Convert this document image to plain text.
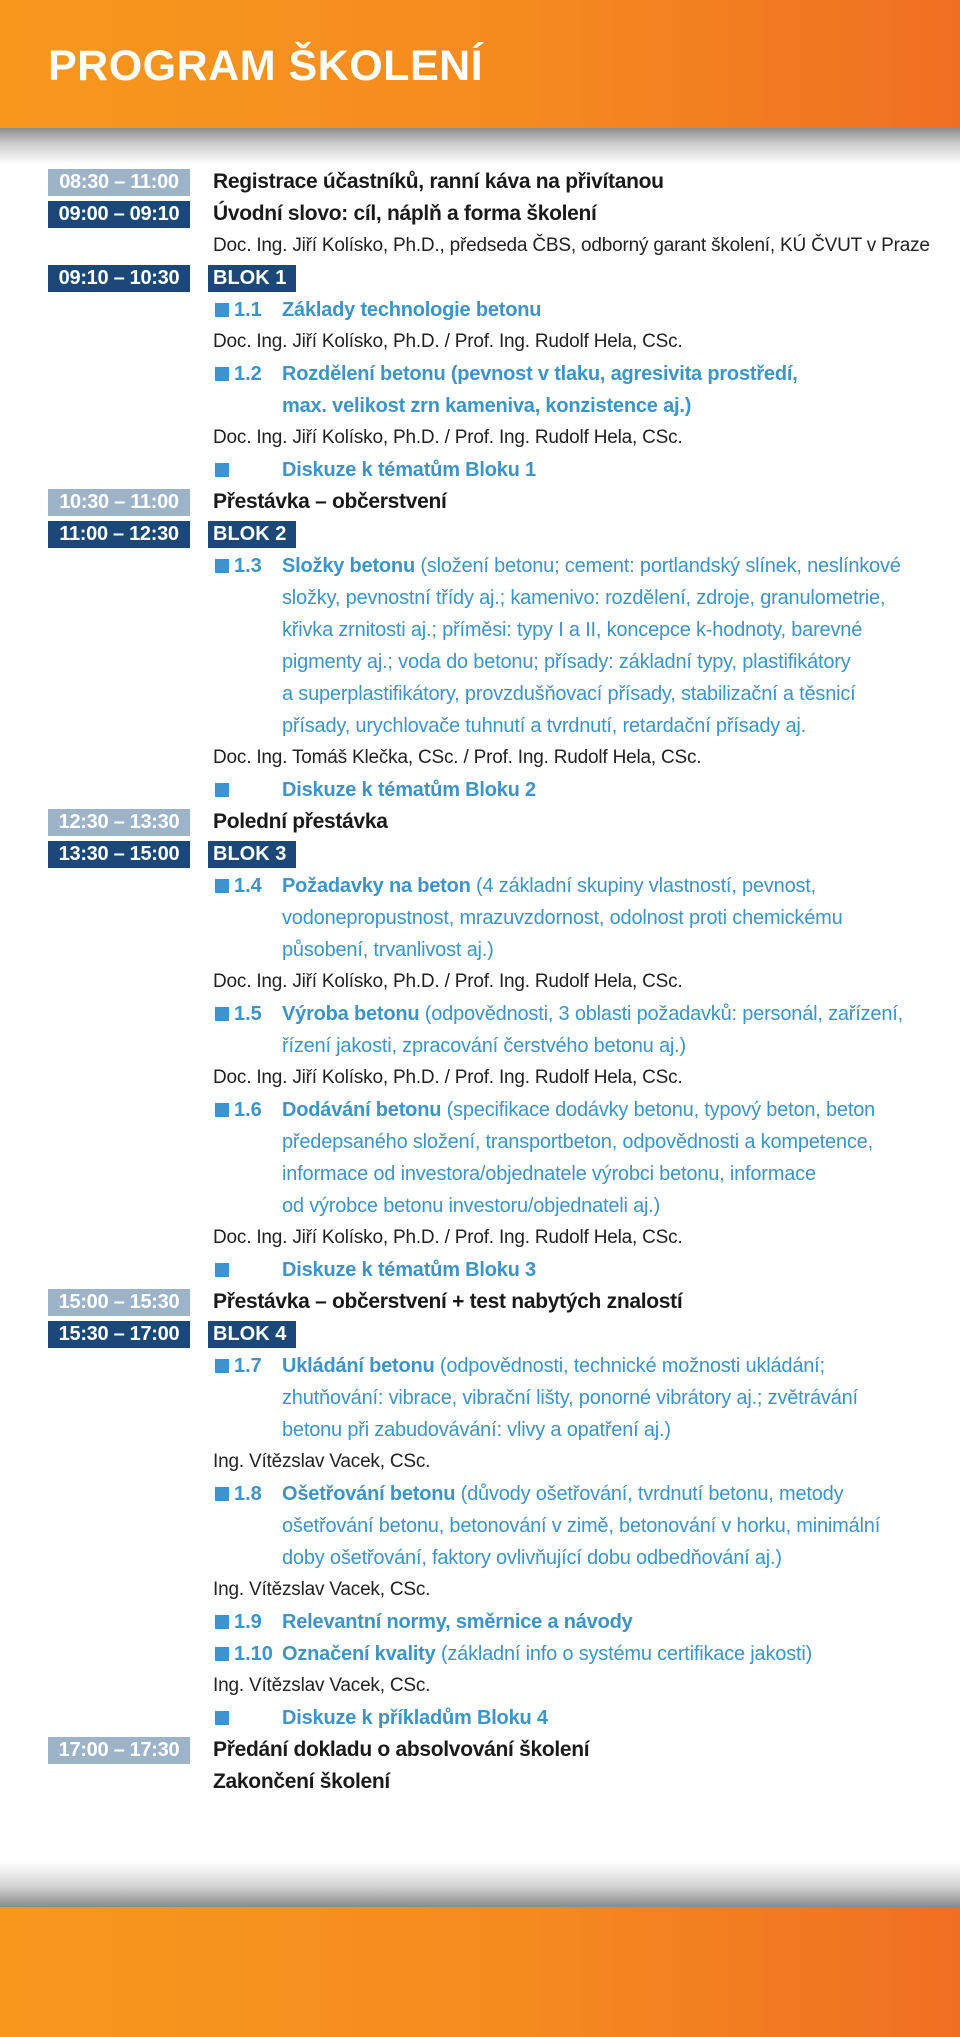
PROGRAM ŠKOLENÍ
08:30 – 11:00	Registrace účastníků, ranní káva na přivítanou
09:00 – 09:10	Úvodní slovo: cíl, náplň a forma školení
Doc. Ing. Jiří Kolísko, Ph.D., předseda ČBS, odborný garant školení, KÚ ČVUT v Praze
09:10 – 10:30	BLOK 1
1.1 Základy technologie betonu
Doc. Ing. Jiří Kolísko, Ph.D. / Prof. Ing. Rudolf Hela, CSc.
1.2 Rozdělení betonu (pevnost v tlaku, agresivita prostředí,
max. velikost zrn kameniva, konzistence aj.)
Doc. Ing. Jiří Kolísko, Ph.D. / Prof. Ing. Rudolf Hela, CSc.
Diskuze k tématům Bloku 1
10:30 – 11:00	Přestávka – občerstvení
11:00 – 12:30	BLOK 2
1.3 Složky betonu (složení betonu; cement: portlandský slínek, neslínkové
složky, pevnostní třídy aj.; kamenivo: rozdělení, zdroje, granulometrie,
křivka zrnitosti aj.; příměsi: typy I a II, koncepce k-hodnoty, barevné
pigmenty aj.; voda do betonu; přísady: základní typy, plastifikátory
a superplastifikátory, provzdušňovací přísady, stabilizační a těsnicí
přísady, urychlovače tuhnutí a tvrdnutí, retardační přísady aj.
Doc. Ing. Tomáš Klečka, CSc. / Prof. Ing. Rudolf Hela, CSc.
Diskuze k tématům Bloku 2
12:30 – 13:30	Polední přestávka
13:30 – 15:00	BLOK 3
1.4 Požadavky na beton (4 základní skupiny vlastností, pevnost,
vodonepropustnost, mrazuvzdornost, odolnost proti chemickému
působení, trvanlivost aj.)
Doc. Ing. Jiří Kolísko, Ph.D. / Prof. Ing. Rudolf Hela, CSc.
1.5 Výroba betonu (odpovědnosti, 3 oblasti požadavků: personál, zařízení,
řízení jakosti, zpracování čerstvého betonu aj.)
Doc. Ing. Jiří Kolísko, Ph.D. / Prof. Ing. Rudolf Hela, CSc.
1.6 Dodávání betonu (specifikace dodávky betonu, typový beton, beton
předepsaného složení, transportbeton, odpovědnosti a kompetence,
informace od investora/objednatele výrobci betonu, informace
od výrobce betonu investoru/objednateli aj.)
Doc. Ing. Jiří Kolísko, Ph.D. / Prof. Ing. Rudolf Hela, CSc.
Diskuze k tématům Bloku 3
15:00 – 15:30	Přestávka – občerstvení + test nabytých znalostí
15:30 – 17:00	BLOK 4
1.7 Ukládání betonu (odpovědnosti, technické možnosti ukládání;
zhutňování: vibrace, vibrační lišty, ponorné vibrátory aj.; zvětrávání
betonu při zabudovávání: vlivy a opatření aj.)
Ing. Vítězslav Vacek, CSc.
1.8 Ošetřování betonu (důvody ošetřování, tvrdnutí betonu, metody
ošetřování betonu, betonování v zimě, betonování v horku, minimální
doby ošetřování, faktory ovlivňující dobu odbedňování aj.)
Ing. Vítězslav Vacek, CSc.
1.9 Relevantní normy, směrnice a návody
1.10 Označení kvality (základní info o systému certifikace jakosti)
Ing. Vítězslav Vacek, CSc.
Diskuze k příkladům Bloku 4
17:00 – 17:30	Předání dokladu o absolvování školení
Zakončení školení
